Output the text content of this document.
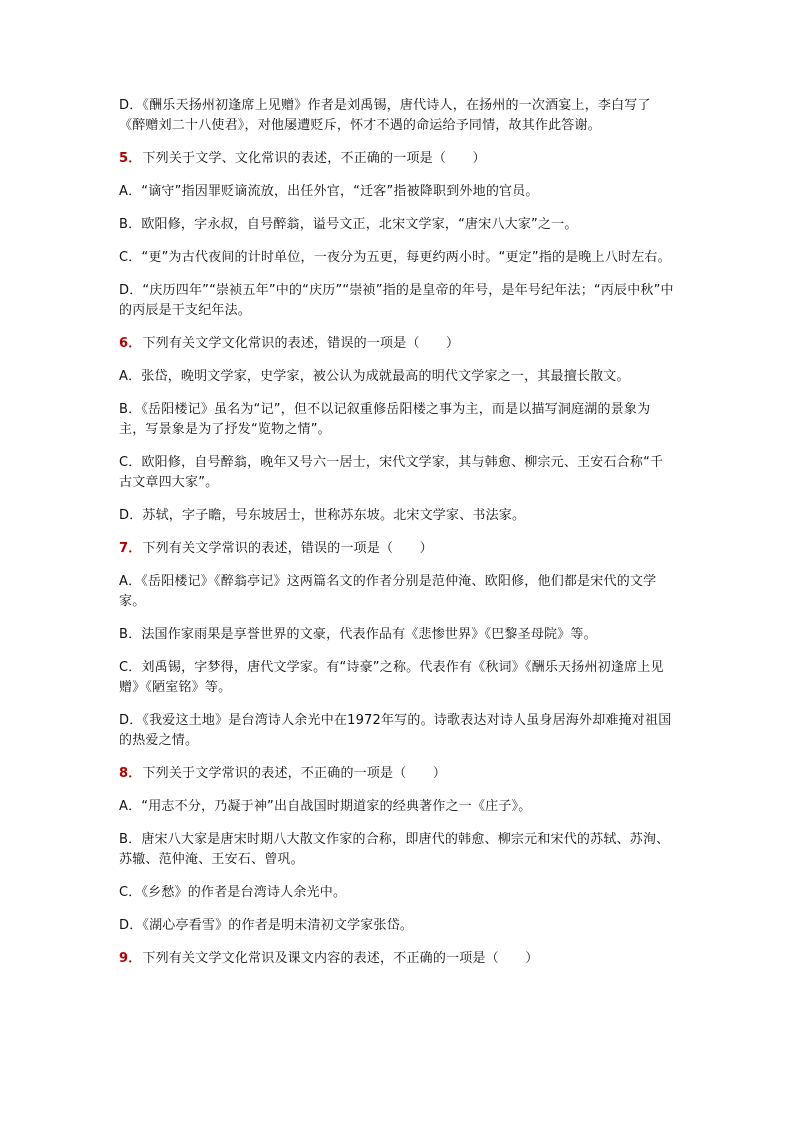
D．《酬乐天扬州初逢席上见赠》作者是刘禹锡，唐代诗人，在扬州的一次酒宴上，李白写了《醉赠刘二十八使君》，对他屡遭贬斥，怀才不遇的命运给予同情，故其作此答谢。

5．下列关于文学、文化常识的表述，不正确的一项是（　　）

A．“谪守”指因罪贬谪流放，出任外官，“迁客”指被降职到外地的官员。

B．欧阳修，字永叔，自号醉翁，谥号文正，北宋文学家，“唐宋八大家”之一。

C．“更”为古代夜间的计时单位，一夜分为五更，每更约两小时。“更定”指的是晚上八时左右。

D．“庆历四年”“崇祯五年”中的“庆历”“崇祯”指的是皇帝的年号，是年号纪年法；“丙辰中秋”中的丙辰是干支纪年法。

6．下列有关文学文化常识的表述，错误的一项是（　　）

A．张岱，晚明文学家，史学家，被公认为成就最高的明代文学家之一，其最擅长散文。

B．《岳阳楼记》虽名为“记”，但不以记叙重修岳阳楼之事为主，而是以描写洞庭湖的景象为主，写景象是为了抒发“览物之情”。

C．欧阳修，自号醉翁，晚年又号六一居士，宋代文学家，其与韩愈、柳宗元、王安石合称“千古文章四大家”。

D．苏轼，字子瞻，号东坡居士，世称苏东坡。北宋文学家、书法家。

7．下列有关文学常识的表述，错误的一项是（　　）

A．《岳阳楼记》《醉翁亭记》这两篇名文的作者分别是范仲淹、欧阳修，他们都是宋代的文学家。

B．法国作家雨果是享誉世界的文豪，代表作品有《悲惨世界》《巴黎圣母院》等。

C．刘禹锡，字梦得，唐代文学家。有“诗豪”之称。代表作有《秋词》《酬乐天扬州初逢席上见赠》《陋室铭》等。

D．《我爱这土地》是台湾诗人余光中在1972年写的。诗歌表达对诗人虽身居海外却难掩对祖国的热爱之情。

8．下列关于文学常识的表述，不正确的一项是（　　）

A．“用志不分，乃凝于神”出自战国时期道家的经典著作之一《庄子》。

B．唐宋八大家是唐宋时期八大散文作家的合称，即唐代的韩愈、柳宗元和宋代的苏轼、苏洵、苏辙、范仲淹、王安石、曾巩。

C．《乡愁》的作者是台湾诗人余光中。

D．《湖心亭看雪》的作者是明末清初文学家张岱。

9．下列有关文学文化常识及课文内容的表述，不正确的一项是（　　）
